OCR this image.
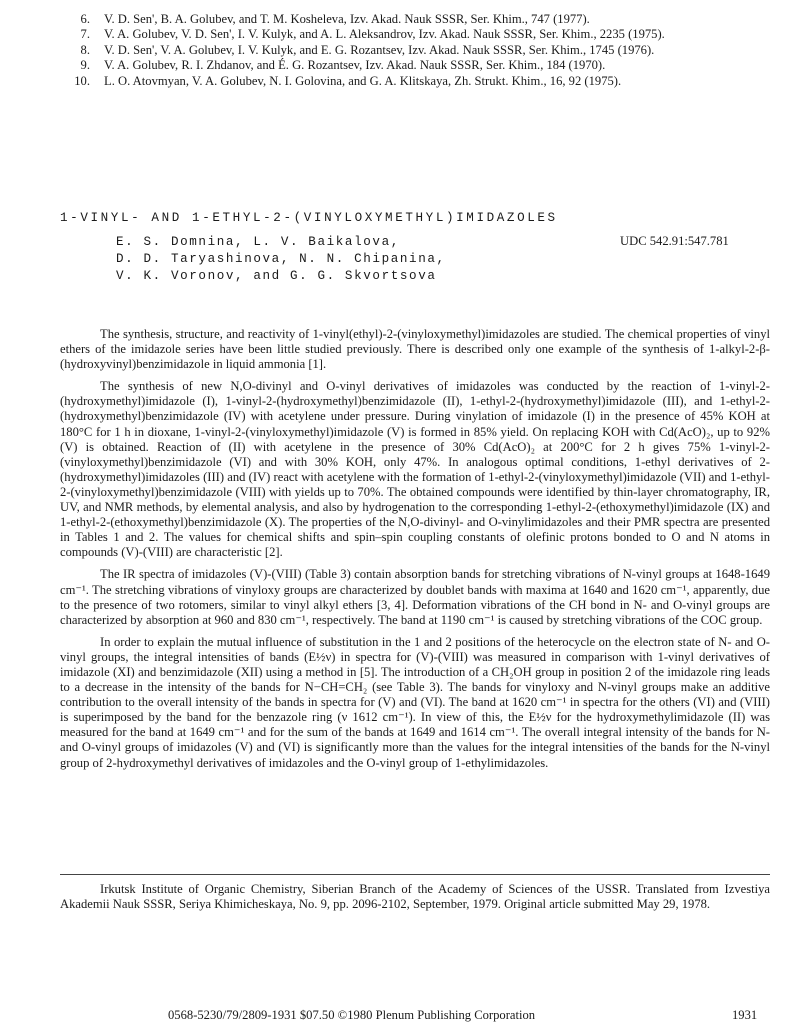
6.	V. D. Sen', B. A. Golubev, and T. M. Kosheleva, Izv. Akad. Nauk SSSR, Ser. Khim., 747 (1977).
7.	V. A. Golubev, V. D. Sen', I. V. Kulyk, and A. L. Aleksandrov, Izv. Akad. Nauk SSSR, Ser. Khim., 2235 (1975).
8.	V. D. Sen', V. A. Golubev, I. V. Kulyk, and E. G. Rozantsev, Izv. Akad. Nauk SSSR, Ser. Khim., 1745 (1976).
9.	V. A. Golubev, R. I. Zhdanov, and É. G. Rozantsev, Izv. Akad. Nauk SSSR, Ser. Khim., 184 (1970).
10.	L. O. Atovmyan, V. A. Golubev, N. I. Golovina, and G. A. Klitskaya, Zh. Strukt. Khim., 16, 92 (1975).
1-VINYL- AND 1-ETHYL-2-(VINYLOXYMETHYL)IMIDAZOLES
E. S. Domnina, L. V. Baikalova,
D. D. Taryashinova, N. N. Chipanina,
V. K. Voronov, and G. G. Skvortsova
UDC 542.91:547.781

The synthesis, structure, and reactivity of 1-vinyl(ethyl)-2-(vinyloxymethyl)imidazoles are studied. The chemical properties of vinyl ethers of the imidazole series have been little studied previously. There is described only one example of the synthesis of 1-alkyl-2-β-(hydroxyvinyl)benzimidazole in liquid ammonia [1].

The synthesis of new N,O-divinyl and O-vinyl derivatives of imidazoles was conducted by the reaction of 1-vinyl-2-(hydroxymethyl)imidazole (I), 1-vinyl-2-(hydroxymethyl)benzimidazole (II), 1-ethyl-2-(hydroxymethyl)imidazole (III), and 1-ethyl-2-(hydroxymethyl)benzimidazole (IV) with acetylene under pressure. During vinylation of imidazole (I) in the presence of 45% KOH at 180°C for 1 h in dioxane, 1-vinyl-2-(vinyloxymethyl)imidazole (V) is formed in 85% yield. On replacing KOH with Cd(AcO)₂, up to 92% (V) is obtained. Reaction of (II) with acetylene in the presence of 30% Cd(AcO)₂ at 200°C for 2 h gives 75% 1-vinyl-2-(vinyloxymethyl)benzimidazole (VI) and with 30% KOH, only 47%. In analogous optimal conditions, 1-ethyl derivatives of 2-(hydroxymethyl)imidazoles (III) and (IV) react with acetylene with the formation of 1-ethyl-2-(vinyloxymethyl)imidazole (VII) and 1-ethyl-2-(vinyloxymethyl)benzimidazole (VIII) with yields up to 70%. The obtained compounds were identified by thin-layer chromatography, IR, UV, and NMR methods, by elemental analysis, and also by hydrogenation to the corresponding 1-ethyl-2-(ethoxymethyl)imidazole (IX) and 1-ethyl-2-(ethoxymethyl)benzimidazole (X). The properties of the N,O-divinyl- and O-vinylimidazoles and their PMR spectra are presented in Tables 1 and 2. The values for chemical shifts and spin–spin coupling constants of olefinic protons bonded to O and N atoms in compounds (V)-(VIII) are characteristic [2].

The IR spectra of imidazoles (V)-(VIII) (Table 3) contain absorption bands for stretching vibrations of N-vinyl groups at 1648-1649 cm⁻¹. The stretching vibrations of vinyloxy groups are characterized by doublet bands with maxima at 1640 and 1620 cm⁻¹, apparently, due to the presence of two rotomers, similar to vinyl alkyl ethers [3, 4]. Deformation vibrations of the CH bond in N- and O-vinyl groups are characterized by absorption at 960 and 830 cm⁻¹, respectively. The band at 1190 cm⁻¹ is caused by stretching vibrations of the COC group.

In order to explain the mutual influence of substitution in the 1 and 2 positions of the heterocycle on the electron state of N- and O-vinyl groups, the integral intensities of bands (E½ν) in spectra for (V)-(VIII) was measured in comparison with 1-vinyl derivatives of imidazole (XI) and benzimidazole (XII) using a method in [5]. The introduction of a CH₂OH group in position 2 of the imidazole ring leads to a decrease in the intensity of the bands for N−CH=CH₂ (see Table 3). The bands for vinyloxy and N-vinyl groups make an additive contribution to the overall intensity of the bands in spectra for (V) and (VI). The band at 1620 cm⁻¹ in spectra for the others (VI) and (VIII) is superimposed by the band for the benzazole ring (ν 1612 cm⁻¹). In view of this, the E½ν for the hydroxymethylimidazole (II) was measured for the band at 1649 cm⁻¹ and for the sum of the bands at 1649 and 1614 cm⁻¹. The overall integral intensity of the bands for N- and O-vinyl groups of imidazoles (V) and (VI) is significantly more than the values for the integral intensities of the bands for the N-vinyl group of 2-hydroxymethyl derivatives of imidazoles and the O-vinyl group of 1-ethylimidazoles.

Irkutsk Institute of Organic Chemistry, Siberian Branch of the Academy of Sciences of the USSR. Translated from Izvestiya Akademii Nauk SSSR, Seriya Khimicheskaya, No. 9, pp. 2096-2102, September, 1979. Original article submitted May 29, 1978.
0568-5230/79/2809-1931 $07.50 ©1980 Plenum Publishing Corporation	1931
